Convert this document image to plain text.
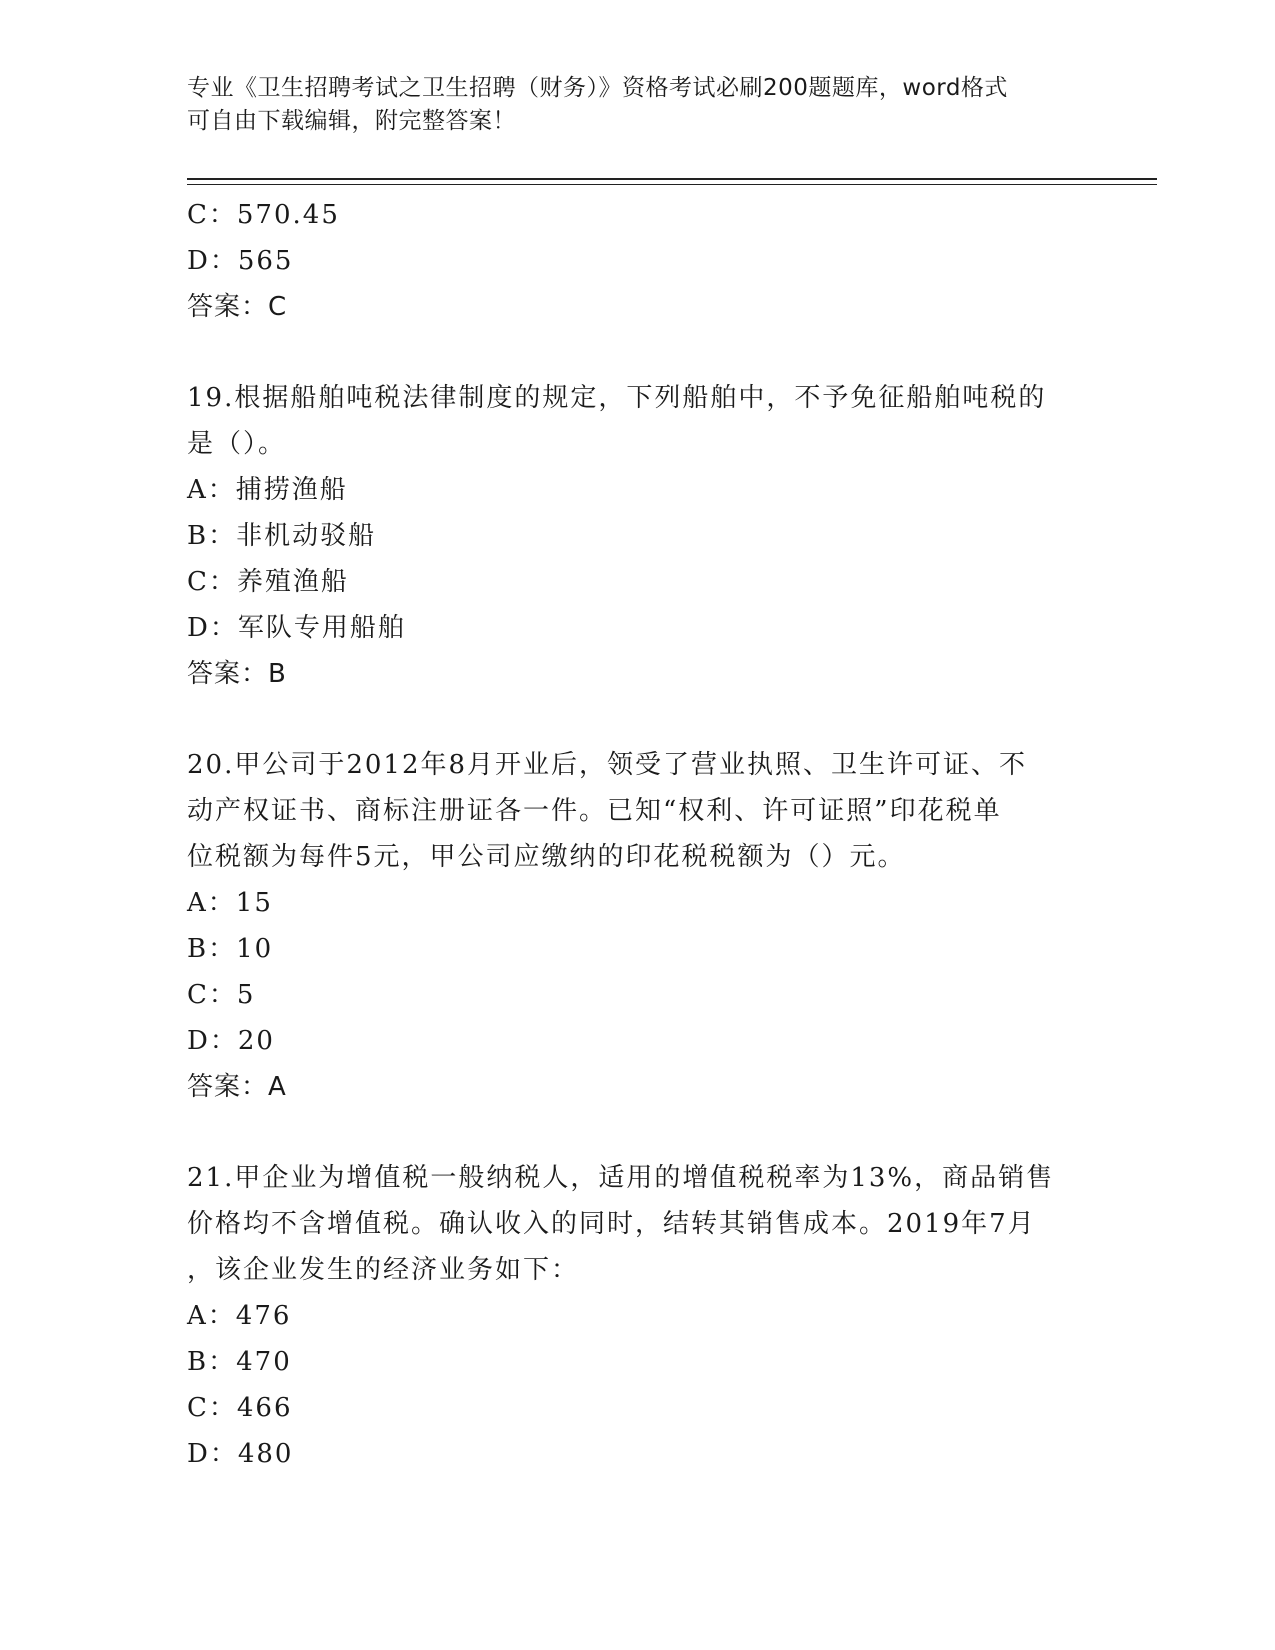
专业《卫生招聘考试之卫生招聘（财务）》资格考试必刷200题题库，word格式
可自由下载编辑，附完整答案！
C：570.45
D：565
答案：C
19.根据船舶吨税法律制度的规定，下列船舶中，不予免征船舶吨税的
是（）。
A：捕捞渔船
B：非机动驳船
C：养殖渔船
D：军队专用船舶
答案：B
20.甲公司于2012年8月开业后，领受了营业执照、卫生许可证、不
动产权证书、商标注册证各一件。已知“权利、许可证照”印花税单
位税额为每件5元，甲公司应缴纳的印花税税额为（）元。
A：15
B：10
C：5
D：20
答案：A
21.甲企业为增值税一般纳税人，适用的增值税税率为13%，商品销售
价格均不含增值税。确认收入的同时，结转其销售成本。2019年7月
，该企业发生的经济业务如下：
A：476
B：470
C：466
D：480
